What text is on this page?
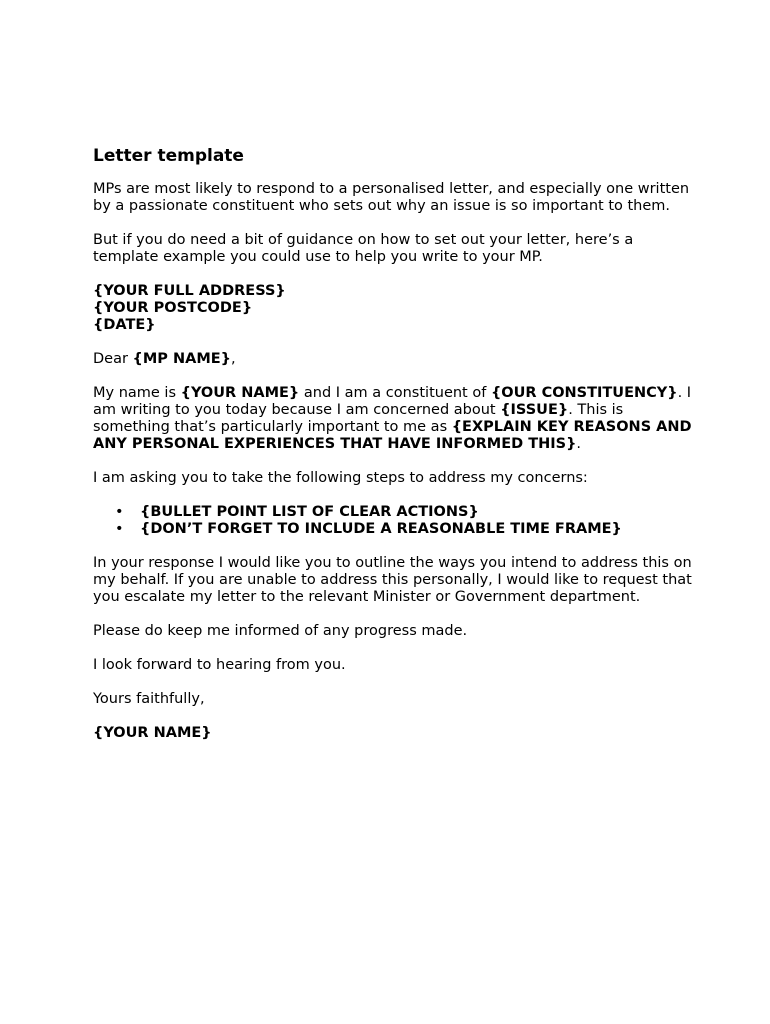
Letter template

MPs are most likely to respond to a personalised letter, and especially one written by a passionate constituent who sets out why an issue is so important to them.

But if you do need a bit of guidance on how to set out your letter, here’s a template example you could use to help you write to your MP.

{YOUR FULL ADDRESS}
{YOUR POSTCODE}
{DATE}

Dear {MP NAME},

My name is {YOUR NAME} and I am a constituent of {OUR CONSTITUENCY}. I am writing to you today because I am concerned about {ISSUE}. This is something that’s particularly important to me as {EXPLAIN KEY REASONS AND ANY PERSONAL EXPERIENCES THAT HAVE INFORMED THIS}.

I am asking you to take the following steps to address my concerns:

• {BULLET POINT LIST OF CLEAR ACTIONS}
• {DON’T FORGET TO INCLUDE A REASONABLE TIME FRAME}

In your response I would like you to outline the ways you intend to address this on my behalf. If you are unable to address this personally, I would like to request that you escalate my letter to the relevant Minister or Government department.

Please do keep me informed of any progress made.

I look forward to hearing from you.

Yours faithfully,

{YOUR NAME}
